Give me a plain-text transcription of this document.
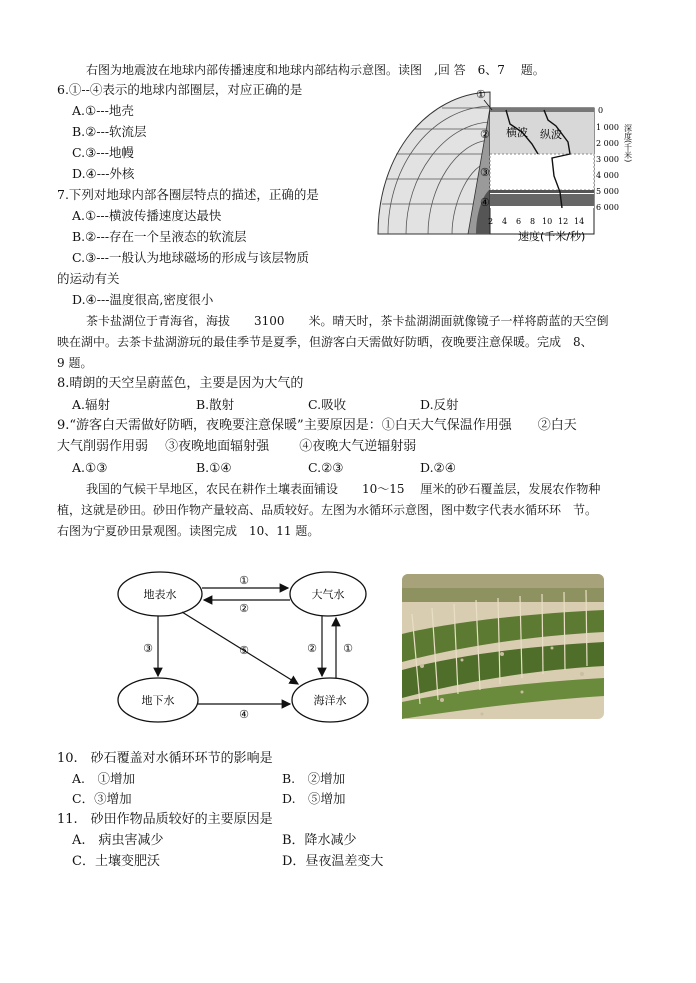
右图为地震波在地球内部传播速度和地球内部结构示意图。读图　,回 答　6、7　 题。
6.①--④表示的地球内部圈层，对应正确的是
A.①---地壳
B.②---软流层
C.③---地幔
D.④---外核
7.下列对地球内部各圈层特点的描述，正确的是
A.①---横波传播速度达最快
B.②---存在一个呈液态的软流层
C.③---一般认为地球磁场的形成与该层物质
的运动有关
D.④---温度很高,密度很小
①
②
③
④
横波 纵波
0
1 000
2 000
3 000
4 000
5 000
6 000
深度(千米)
2 4 6 8 10 12 14
速度(千米/秒)
茶卡盐湖位于青海省，海拔　　3100　　米。晴天时，茶卡盐湖湖面就像镜子一样将蔚蓝的天空倒
映在湖中。去茶卡盐湖游玩的最佳季节是夏季，但游客白天需做好防晒，夜晚要注意保暖。完成　8、
9 题。
8.晴朗的天空呈蔚蓝色，主要是因为大气的
A.辐射	B.散射	C.吸收	D.反射
9.“游客白天需做好防晒，夜晚要注意保暖”主要原因是：①白天大气保温作用强　　②白天
大气削弱作用弱　 ③夜晚地面辐射强　　 ④夜晚大气逆辐射弱
A.①③	B.①④	C.②③	D.②④
我国的气候干旱地区，农民在耕作土壤表面铺设　　10～15　 厘米的砂石覆盖层，发展农作物种
植，这就是砂田。砂田作物产量较高、品质较好。左图为水循环示意图，图中数字代表水循环环　节。
右图为宁夏砂田景观图。读图完成　10、11 题。
地表水	大气水
地下水	海洋水
①
②
③	⑤	② ①
④
10.　砂石覆盖对水循环环节的影响是
A.　①增加	B.　②增加
C．③增加	D.　⑤增加
11.　砂田作物品质较好的主要原因是
A.　病虫害减少	B．降水减少
C．土壤变肥沃	D．昼夜温差变大
